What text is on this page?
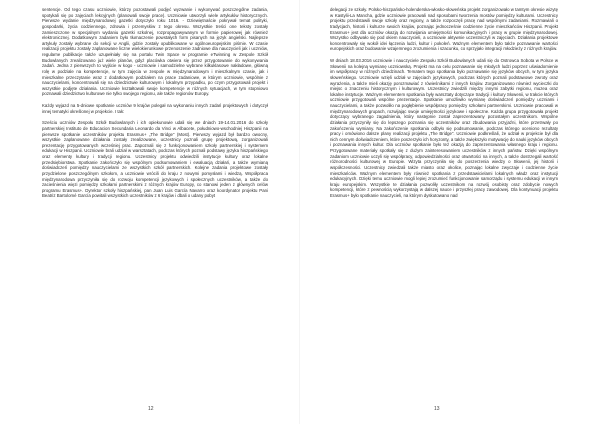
sentencje. Od tego czasu uczniowie, którzy pozostawali podjęć wyzwanie i wykonywać poszczególne zadania, spotykali się po zajęciach lekcyjnych (planowali swoje prace). Uczniowie utworzyli wiele artykułów historycznych. Pierwsze wydanie międzynarodowej gazetki dotyczyło roku 1016. - Dziewiętnaście pokrywał temat polityki, gospodarki, życia codziennego, zdrowia i przemysłów z tego okresu. Wszystkie treści one teksty zostały zamieszczone w specjalnym wydaniu gazetki szkolnej, rozpropagowywanym w formie papierowej jak również elektronicznej. Dodatkowym zadaniem było tłumaczenie powstałych form pisanych na język angielski. Najlepsze artykuły zostały wybrane do sekcji w Anglii, gdzie zostały opublikowane w ogólnoeuropejskim piśmie. W czasie realizacji projektu zostały zaplanowane liczne wielokierunkowe przenoszenie zadniowe dla nauczycieli jak i uczniów, regularne publikacje także uzupełniały się na portalu Twin Space w programie eTwinning w Zespole Szkół Budowlanych zrealizowano już wiele planów, gdyż placówka otwiera się przez przygotowanie do wykonywania zadań. Jedna z pierwszych to wyjście w kogo - uczniowie i samodzielne wybrane kilkuklasowe nakładowe, główną rolę w podziale na kompetencje, w tym zajęcia w zespole w międzynarodowym i mieszkalnym czasie, jak i mieszkalne przeczytanie wraz z dodatkowym podziałem na prace zadaniowe, w którym uczniowie, wspólnie z nauczycielami, koncentrowali się na dziedzictwie kulturowym i lokalnym przypadku, po czym przygotowali projekt i wszystkie podjęte działania. Uczniowie kształtowali swoje kompetencje w różnych sytuacjach, w tym stopniowo poznawali dziedzictwo kulturowe nie tylko swojego regionu, ale także regionów Europy.

Każdy wyjazd na 5-dniowe spotkanie uczniów 9 krajów polegał na wykonaniu innych zadań projektowych i dotyczył innej tematyki określonej w projekcie. I tak:

Sześciu uczniów Zespołu Szkół Budowlanych i ich opiekunowie udali się we dniach 19-14.01.2016 do szkoły partnerskiej Instituto de Educacion Secundaria Leonardo da Vinci w Albacete, południowo-wschodniej Hiszpanii na pierwsze spotkanie uczestników projektu Erasmus+ „The Bridge” (Most). Pierwszy wyjazd był bardzo owocny, wszystkie zaplanowane działania zostały zrealizowane, uczestnicy poznali grupę projektową, zorganizowali prezentację przygotowanych wcześniej prac. Zapoznali się z funkcjonowaniem szkoły partnerskiej i systemem edukacji w Hiszpanii. Uczniowie brali udział w warsztatach, podczas których poznali podstawy języka hiszpańskiego oraz elementy kultury i tradycji regionu. Uczestnicy projektu odwiedzili instytucje kultury oraz lokalne przedsiębiorstwa. Spotkanie zakończyło się wspólnym podsumowaniem i ewaluacją działań, a także wymianą doświadczeń pomiędzy nauczycielami ze wszystkich szkół partnerskich. Kolejne zadania projektowe zostały przydzielone poszczególnym szkołom, a uczniowie wrócili do kraju z nowymi pomysłami i wiedzą. Współpraca międzynarodowa przyczyniła się do rozwoju kompetencji językowych i społecznych uczestników, a także do zacieśnienia więzi pomiędzy szkołami partnerskimi z różnych krajów Europy, co stanowi jeden z głównych celów programu Erasmus+. Dyrektor szkoły hiszpańskiej, pan Juan Luis García Navarro oraz koordynator projektu Pani Beatriz Bartolomé García powitali wszystkich uczestników z 6 krajów i dbali o udany pobyt

12

delegacji ze szkoły. Polsko-hiszpańsko-holenderska-włosko-słoweńska projekt zorganizowało w tamtym okresie wizytę w Kastylii-La Mancha, gdzie uczniowie pracowali nad sposobami tworzenia mostów pomiędzy kulturami. Uczestnicy projektu przedstawili swoje szkoły oraz regiony, a także rozpoczęli pracę nad wspólnymi zadaniami. Rozmawiali o tradycjach, historii i kulturze swoich krajów, poznając jednocześnie codzienne życie mieszkańców Hiszpanii. Projekt Erasmus+ jest dla uczniów okazją do rozwijania umiejętności komunikacyjnych i pracy w grupie międzynarodowej. Wszystko odbywało się pod okiem nauczycieli, a uczniowie aktywnie uczestniczyli w zajęciach. Działania projektowe koncentrowały się wokół idei łączenia ludzi, kultur i pokoleń. Ważnym elementem było także poznawanie wartości europejskich oraz budowanie wzajemnego zrozumienia i szacunku, co sprzyjało integracji młodzieży z różnych krajów.

W dniach 18.03.2016 uczniowie i nauczyciele Zespołu Szkół Budowlanych udali się do Ostrowca Sobota w Polsce w Słowenii na kolejną wymianę uczniowską. Projekt ma na celu poznawanie się młodych ludzi poprzez uświadomienie im współpracy w różnych dziedzinach. Tematem tego spotkania było poznawanie się języków obcych, w tym języka słoweńskiego. Uczniowie wzięli udział w zajęciach językowych, podczas których poznali podstawowe zwroty oraz wyrażenia, a także mieli okazję porozmawiać z rówieśnikami z innych krajów. Zorganizowano również wycieczki do miejsc o znaczeniu historycznym i kulturowym. Uczestnicy zwiedzili między innymi zabytki regionu, muzea oraz lokalne instytucje. Ważnym elementem spotkania były warsztaty dotyczące tradycji i kultury Słowenii, w trakcie których uczniowie przygotowali wspólne prezentacje. Spotkanie umożliwiło wymianę doświadczeń pomiędzy uczniami i nauczycielami, a także pozwoliło na pogłębienie współpracy pomiędzy szkołami partnerskimi. Uczniowie pracowali w międzynarodowych grupach, rozwijając swoje umiejętności językowe i społeczne. Każda grupa przygotowała projekt dotyczący wybranego zagadnienia, który następnie został zaprezentowany pozostałym uczestnikom. Wspólne działania przyczyniły się do lepszego poznania się uczestników oraz zbudowania przyjaźni, które przetrwały po zakończeniu wymiany. Na zakończenie spotkania odbyło się podsumowanie, podczas którego oceniono rezultaty pracy i omówiono dalsze plany realizacji projektu „The Bridge”. Uczniowie podkreślali, że udział w projekcie był dla nich cennym doświadczeniem, które poszerzyło ich horyzonty, a także zwiększyło motywację do nauki języków obcych i poznawania innych kultur. Dla uczniów spotkanie było też okazją do zaprezentowania własnego kraju i regionu. Przygotowane materiały spotkały się z dużym zainteresowaniem uczestników z innych państw. Dzięki wspólnym zadaniom uczniowie uczyli się współpracy, odpowiedzialności oraz otwartości na innych, a także dostrzegali wartość różnorodności kulturowej w Europie. Wizyta przyczyniła się do poszerzenia wiedzy o Słowenii, jej historii i współczesności. Uczestnicy zwiedzali także miasto oraz okolice, poznając lokalne zwyczaje i codzienne życie mieszkańców. Ważnym elementem były również spotkania z przedstawicielami lokalnych władz oraz instytucji edukacyjnych. Dzięki temu uczniowie mogli lepiej zrozumieć funkcjonowanie samorządu i systemu edukacji w innym kraju europejskim. Wszystkie te działania pozwoliły uczestnikom na rozwój osobisty oraz zdobycie nowych kompetencji, które z pewnością wykorzystają w dalszej nauce i przyszłej pracy zawodowej. Dla kontynuacji projektu Erasmus+ było spotkanie nauczycieli, na którym dyskutowano nad

13
